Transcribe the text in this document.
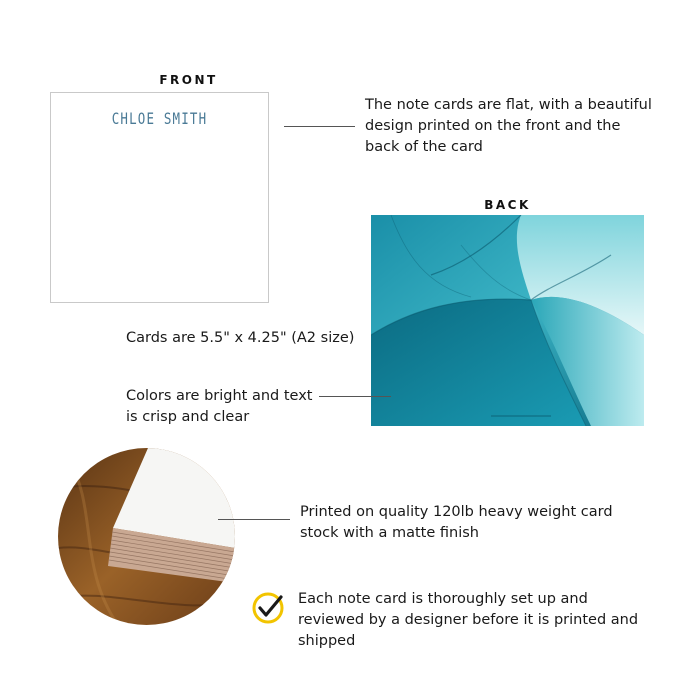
FRONT
CHLOE SMITH
The note cards are flat, with a beautiful design printed on the front and the back of the card
BACK
Cards are 5.5" x 4.25" (A2 size)
Colors are bright and text is crisp and clear
Printed on quality 120lb heavy weight card stock with a matte finish
Each note card is thoroughly set up and reviewed by a designer before it is printed and shipped
